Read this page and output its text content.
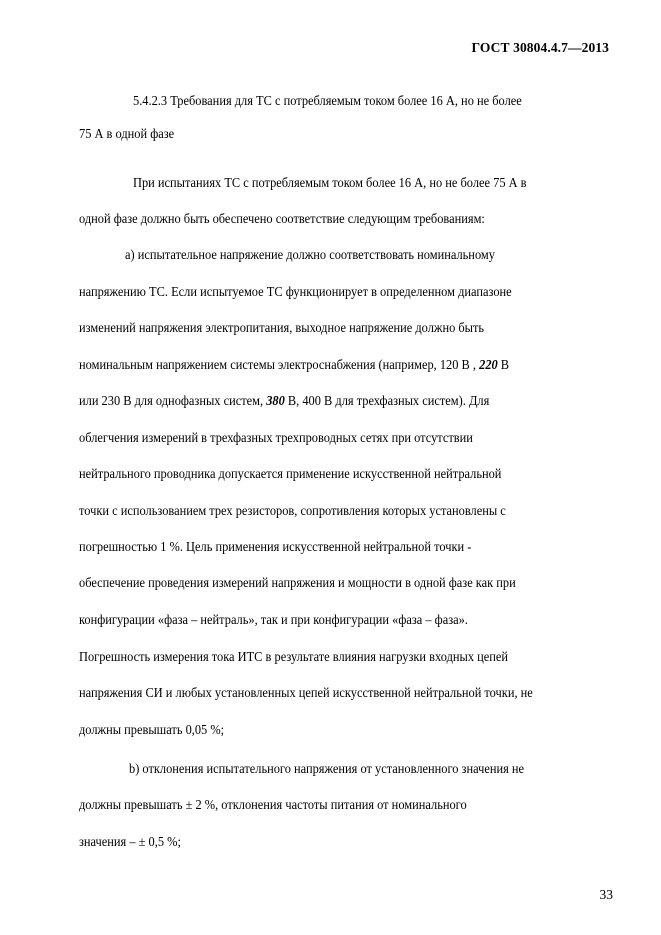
ГОСТ 30804.4.7—2013
5.4.2.3 Требования для ТС с потребляемым током более 16 А, но не более
75 А в одной фазе
При испытаниях ТС с потребляемым током более 16 А, но не более 75 А в
одной фазе должно быть обеспечено соответствие следующим требованиям:
а) испытательное напряжение должно соответствовать номинальному
напряжению ТС. Если испытуемое ТС функционирует в определенном диапазоне
изменений напряжения электропитания, выходное напряжение должно быть
номинальным напряжением системы электроснабжения (например, 120 В , 220 В
или 230 В для однофазных систем, 380 В, 400 В для трехфазных систем). Для
облегчения измерений в трехфазных трехпроводных сетях при отсутствии
нейтрального проводника допускается применение искусственной нейтральной
точки с использованием трех резисторов, сопротивления которых установлены с
погрешностью 1 %. Цель применения искусственной нейтральной точки -
обеспечение проведения измерений напряжения и мощности в одной фазе как при
конфигурации «фаза – нейтраль», так и при конфигурации «фаза – фаза».
Погрешность измерения тока ИТС в результате влияния нагрузки входных цепей
напряжения СИ и любых установленных цепей искусственной нейтральной точки, не
должны превышать 0,05 %;
b) отклонения испытательного напряжения от установленного значения не
должны превышать ± 2 %, отклонения частоты питания от номинального
значения – ± 0,5 %;
33
